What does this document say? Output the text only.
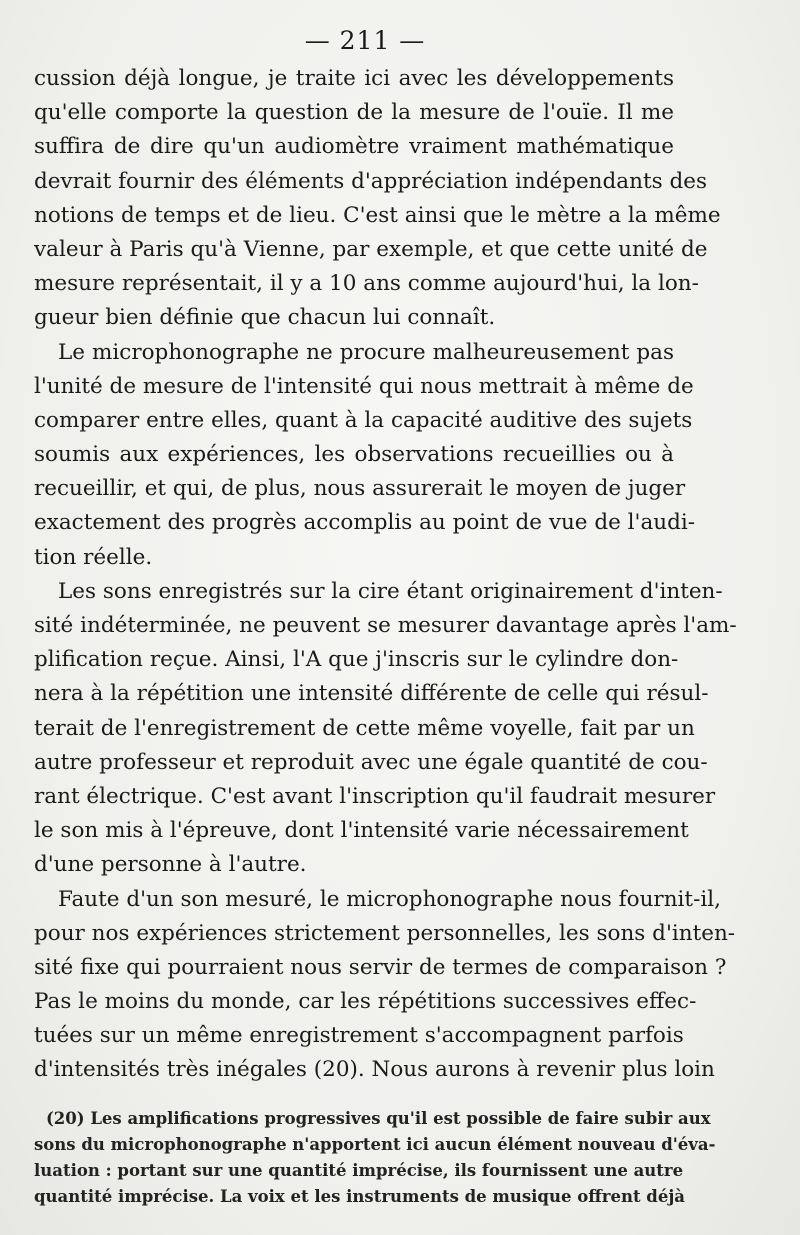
— 211 —
cussion déjà longue, je traite ici avec les développements
qu'elle comporte la question de la mesure de l'ouïe. Il me
suffira de dire qu'un audiomètre vraiment mathématique
devrait fournir des éléments d'appréciation indépendants des
notions de temps et de lieu. C'est ainsi que le mètre a la même
valeur à Paris qu'à Vienne, par exemple, et que cette unité de
mesure représentait, il y a 10 ans comme aujourd'hui, la lon-
gueur bien définie que chacun lui connaît.
Le microphonographe ne procure malheureusement pas
l'unité de mesure de l'intensité qui nous mettrait à même de
comparer entre elles, quant à la capacité auditive des sujets
soumis aux expériences, les observations recueillies ou à
recueillir, et qui, de plus, nous assurerait le moyen de juger
exactement des progrès accomplis au point de vue de l'audi-
tion réelle.
Les sons enregistrés sur la cire étant originairement d'inten-
sité indéterminée, ne peuvent se mesurer davantage après l'am-
plification reçue. Ainsi, l'A que j'inscris sur le cylindre don-
nera à la répétition une intensité différente de celle qui résul-
terait de l'enregistrement de cette même voyelle, fait par un
autre professeur et reproduit avec une égale quantité de cou-
rant électrique. C'est avant l'inscription qu'il faudrait mesurer
le son mis à l'épreuve, dont l'intensité varie nécessairement
d'une personne à l'autre.
Faute d'un son mesuré, le microphonographe nous fournit-il,
pour nos expériences strictement personnelles, les sons d'inten-
sité fixe qui pourraient nous servir de termes de comparaison ?
Pas le moins du monde, car les répétitions successives effec-
tuées sur un même enregistrement s'accompagnent parfois
d'intensités très inégales (20). Nous aurons à revenir plus loin
(20) Les amplifications progressives qu'il est possible de faire subir aux
sons du microphonographe n'apportent ici aucun élément nouveau d'éva-
luation : portant sur une quantité imprécise, ils fournissent une autre
quantité imprécise. La voix et les instruments de musique offrent déjà
